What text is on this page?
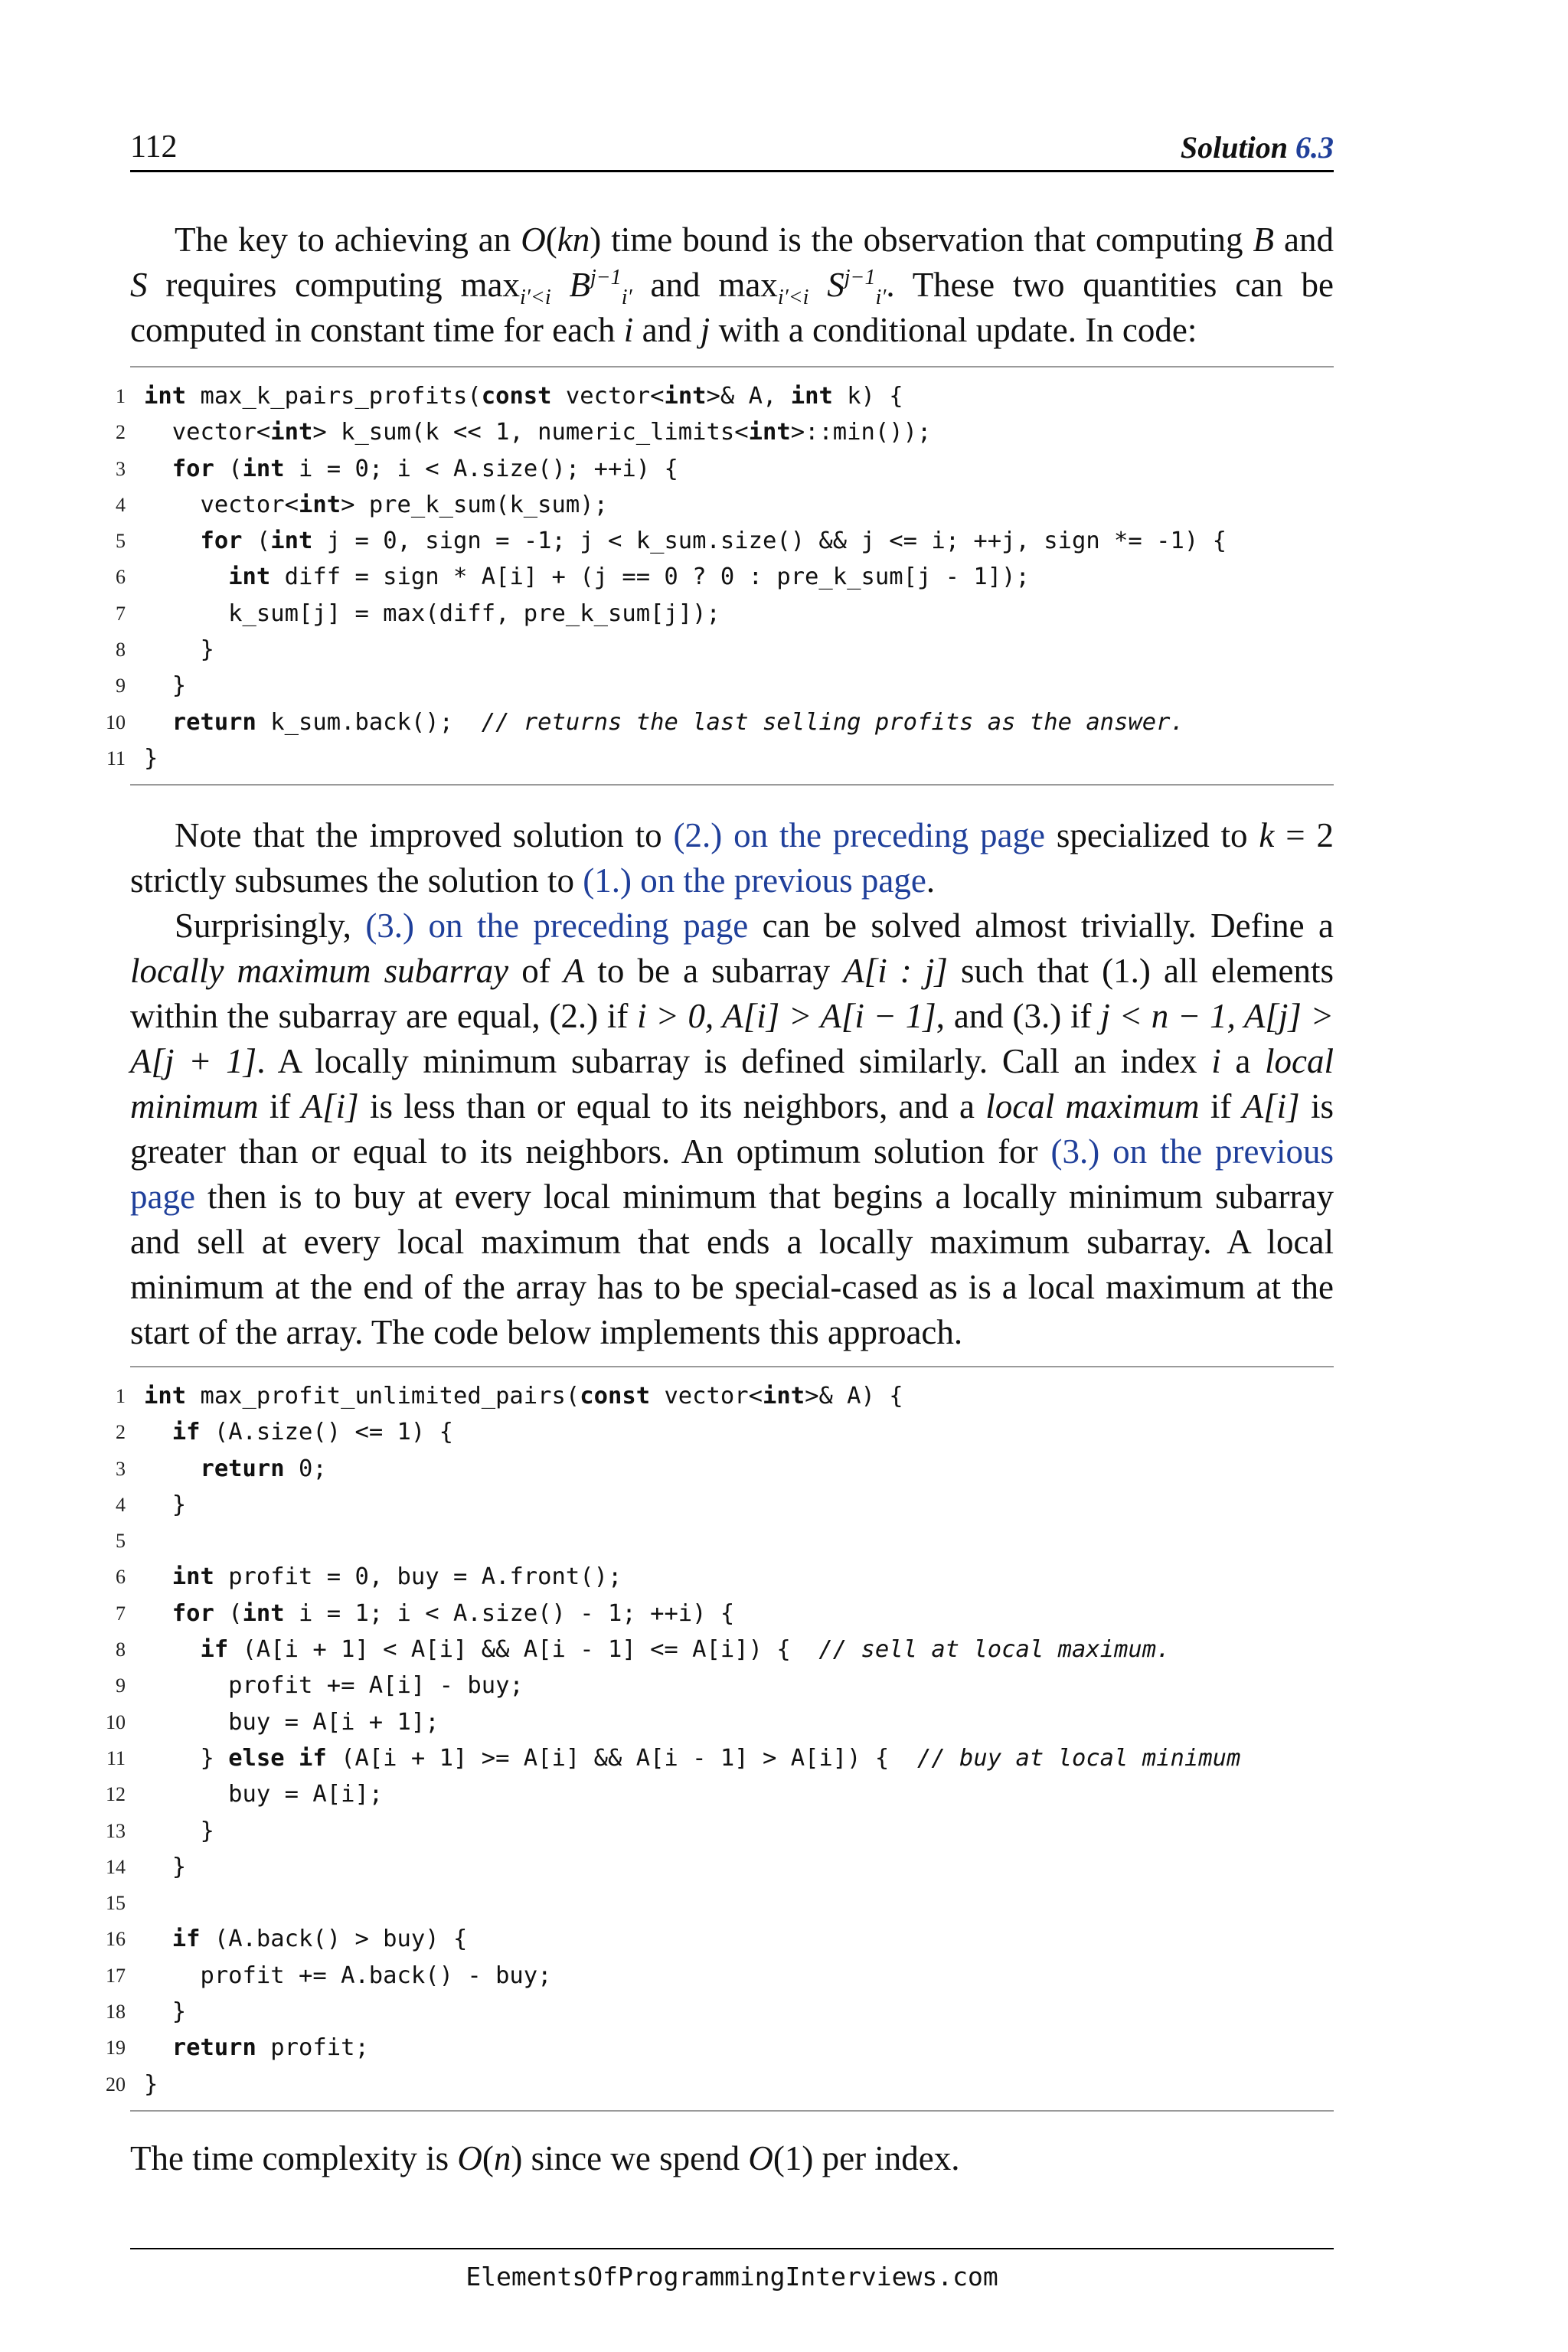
112	Solution 6.3

The key to achieving an O(kn) time bound is the observation that computing B and S requires computing $\max_{i'<i} B^{j-1}_{i'}$ and $\max_{i'<i} S^{j-1}_{i'}$. These two quantities can be computed in constant time for each i and j with a conditional update. In code:

1 int max_k_pairs_profits(const vector<int>& A, int k) {
2 vector<int> k_sum(k << 1, numeric_limits<int>::min());
3	for (int i = 0; i < A.size(); ++i) {
4 vector<int> pre_k_sum(k_sum);
5	for (int j = 0, sign = -1; j < k_sum.size() && j <= i; ++j, sign *= -1) {
6	int diff = sign * A[i] + (j == 0 ? 0 : pre_k_sum[j - 1]);
7 k_sum[j] = max(diff, pre_k_sum[j]);
8 }
9 }
10	return k_sum.back();  // returns the last selling profits as the answer.
11 }

Note that the improved solution to (2.) on the preceding page specialized to k = 2 strictly subsumes the solution to (1.) on the previous page.

Surprisingly, (3.) on the preceding page can be solved almost trivially. Define a locally maximum subarray of A to be a subarray A[i : j] such that (1.) all elements within the subarray are equal, (2.) if i > 0, A[i] > A[i − 1], and (3.) if j < n − 1, A[j] > A[j + 1]. A locally minimum subarray is defined similarly. Call an index i a local minimum if A[i] is less than or equal to its neighbors, and a local maximum if A[i] is greater than or equal to its neighbors. An optimum solution for (3.) on the previous page then is to buy at every local minimum that begins a locally minimum subarray and sell at every local maximum that ends a locally maximum subarray. A local minimum at the end of the array has to be special-cased as is a local maximum at the start of the array. The code below implements this approach.

1 int max_profit_unlimited_pairs(const vector<int>& A) {
2	if (A.size() <= 1) {
3	return 0;
4 }
5
6	int profit = 0, buy = A.front();
7	for (int i = 1; i < A.size() - 1; ++i) {
8	if (A[i + 1] < A[i] && A[i - 1] <= A[i]) {  // sell at local maximum.
9 profit += A[i] - buy;
10 buy = A[i + 1];
11 } else if (A[i + 1] >= A[i] && A[i - 1] > A[i]) {  // buy at local minimum
12 buy = A[i];
13 }
14 }
15
16	if (A.back() > buy) {
17 profit += A.back() - buy;
18 }
19	return profit;
20 }

The time complexity is O(n) since we spend O(1) per index.

ElementsOfProgrammingInterviews.com
